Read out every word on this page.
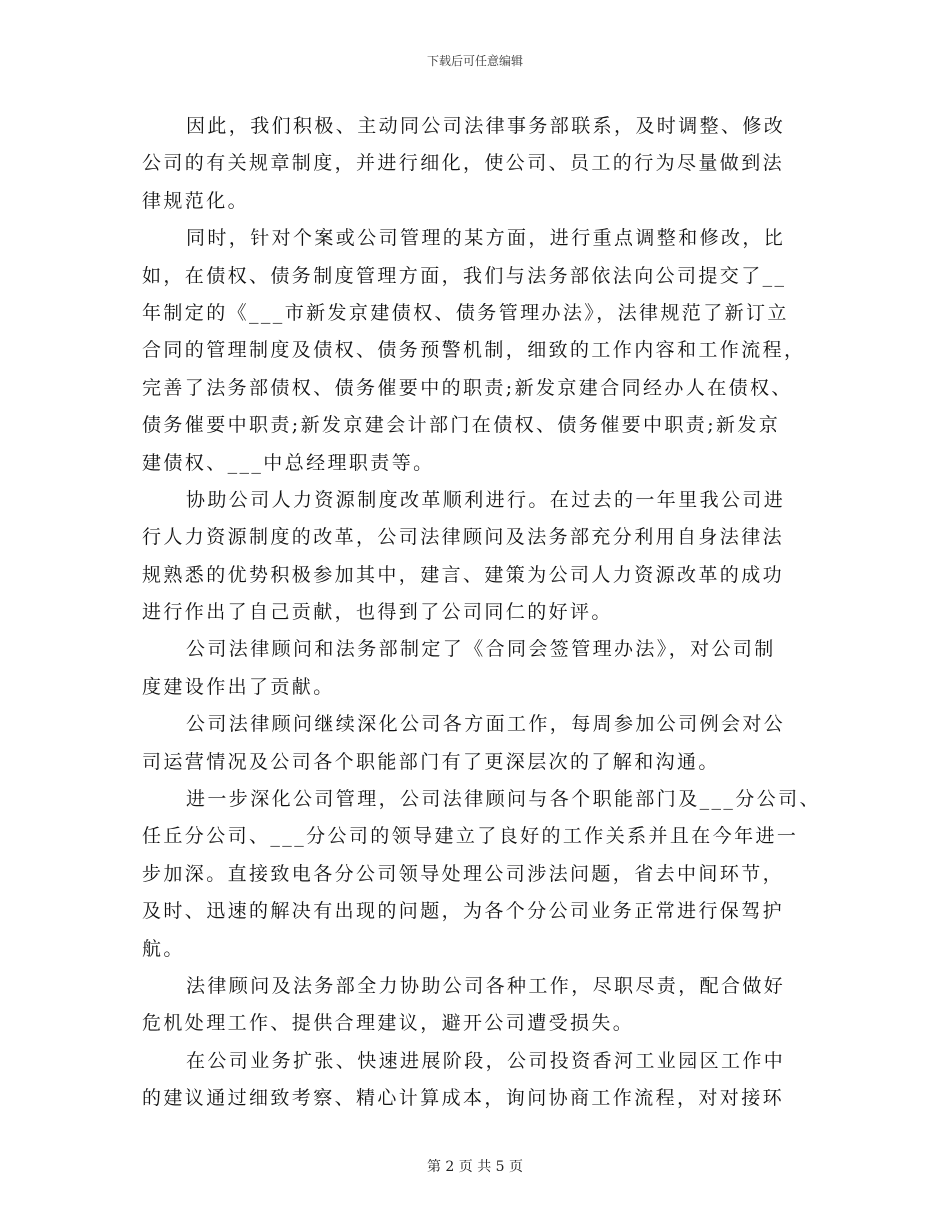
下载后可任意编辑
因此，我们积极、主动同公司法律事务部联系，及时调整、修改
公司的有关规章制度，并进行细化，使公司、员工的行为尽量做到法
律规范化。
同时，针对个案或公司管理的某方面，进行重点调整和修改，比
如，在债权、债务制度管理方面，我们与法务部依法向公司提交了__
年制定的《___市新发京建债权、债务管理办法》，法律规范了新订立
合同的管理制度及债权、债务预警机制，细致的工作内容和工作流程，
完善了法务部债权、债务催要中的职责;新发京建合同经办人在债权、
债务催要中职责;新发京建会计部门在债权、债务催要中职责;新发京
建债权、___中总经理职责等。
协助公司人力资源制度改革顺利进行。在过去的一年里我公司进
行人力资源制度的改革，公司法律顾问及法务部充分利用自身法律法
规熟悉的优势积极参加其中，建言、建策为公司人力资源改革的成功
进行作出了自己贡献，也得到了公司同仁的好评。
公司法律顾问和法务部制定了《合同会签管理办法》，对公司制
度建设作出了贡献。
公司法律顾问继续深化公司各方面工作，每周参加公司例会对公
司运营情况及公司各个职能部门有了更深层次的了解和沟通。
进一步深化公司管理，公司法律顾问与各个职能部门及___分公司、
任丘分公司、___分公司的领导建立了良好的工作关系并且在今年进一
步加深。直接致电各分公司领导处理公司涉法问题，省去中间环节，
及时、迅速的解决有出现的问题，为各个分公司业务正常进行保驾护
航。
法律顾问及法务部全力协助公司各种工作，尽职尽责，配合做好
危机处理工作、提供合理建议，避开公司遭受损失。
在公司业务扩张、快速进展阶段，公司投资香河工业园区工作中
的建议通过细致考察、精心计算成本，询问协商工作流程，对对接环
第 2 页 共 5 页
